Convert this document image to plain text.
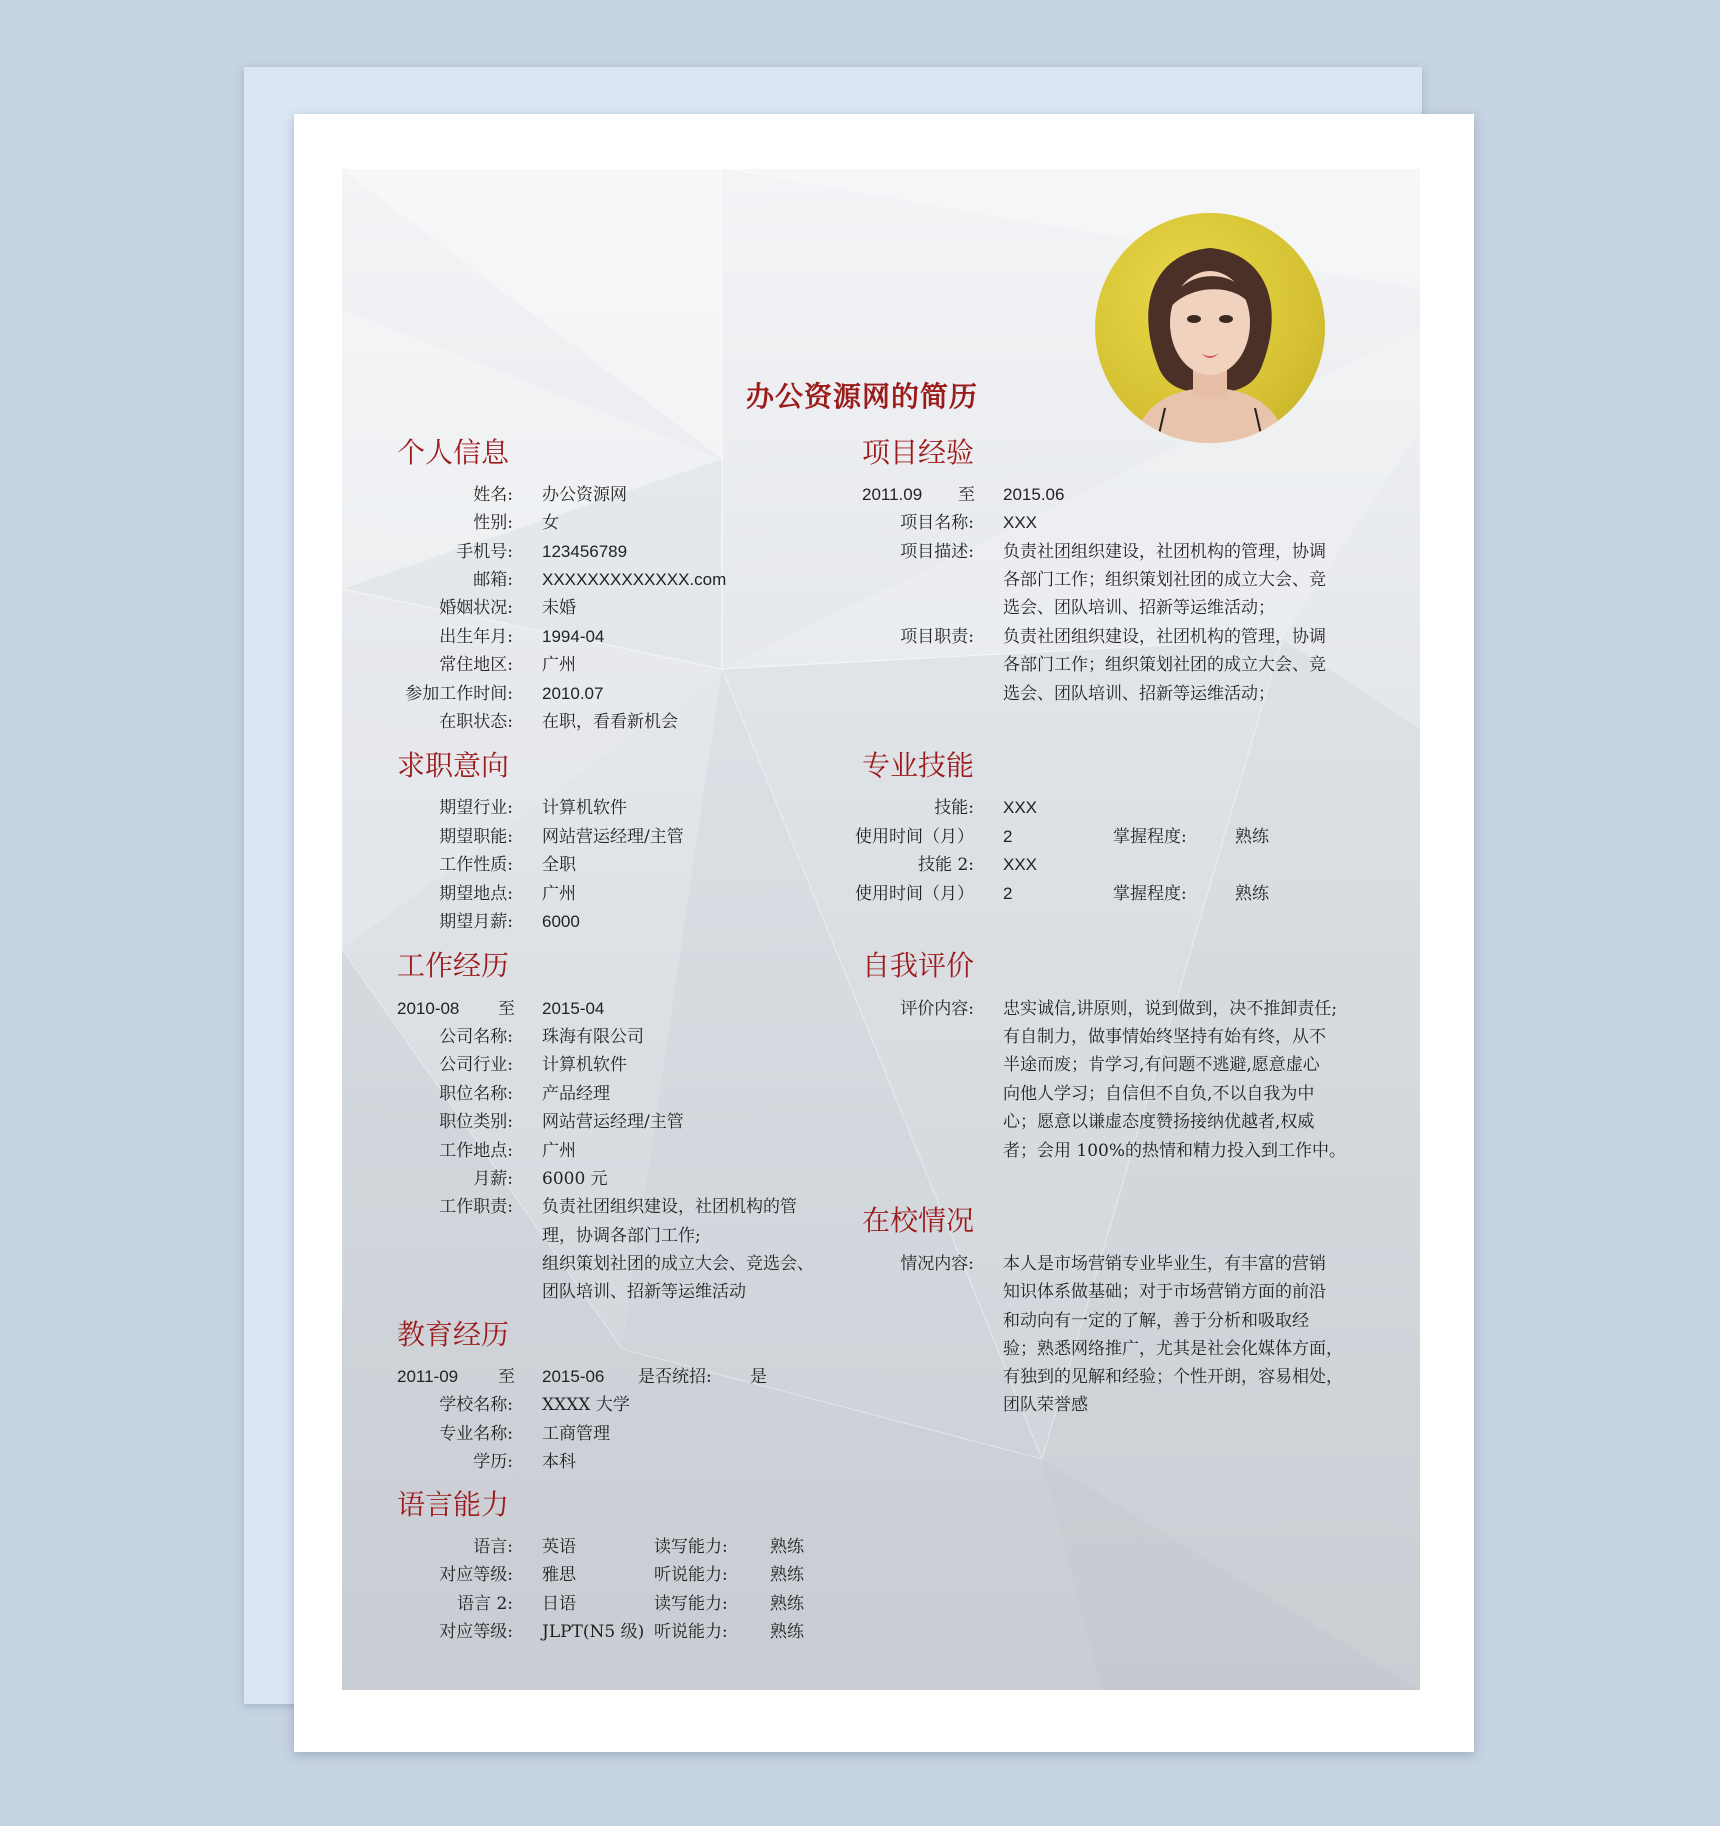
办公资源网的简历
个人信息
姓名: 办公资源网
性别: 女
手机号: 123456789
邮箱: XXXXXXXXXXXXX.com
婚姻状况: 未婚
出生年月: 1994-04
常住地区: 广州
参加工作时间: 2010.07
在职状态: 在职，看看新机会
求职意向
期望行业: 计算机软件
期望职能: 网站营运经理/主管
工作性质: 全职
期望地点: 广州
期望月薪: 6000
工作经历
2010-08 至 2015-04
公司名称: 珠海有限公司
公司行业: 计算机软件
职位名称: 产品经理
职位类别: 网站营运经理/主管
工作地点: 广州
月薪: 6000 元
工作职责: 负责社团组织建设，社团机构的管
理，协调各部门工作;
组织策划社团的成立大会、竞选会、
团队培训、招新等运维活动
教育经历
2011-09 至 2015-06 是否统招: 是
学校名称: XXXX 大学
专业名称: 工商管理
学历: 本科
语言能力
语言: 英语	读写能力: 熟练
对应等级: 雅思	听说能力: 熟练
语言 2: 日语	读写能力: 熟练
对应等级: JLPT(N5 级) 听说能力: 熟练
项目经验
2011.09 至 2015.06
项目名称: XXX
项目描述: 负责社团组织建设，社团机构的管理，协调
各部门工作；组织策划社团的成立大会、竞
选会、团队培训、招新等运维活动；
项目职责: 负责社团组织建设，社团机构的管理，协调
各部门工作；组织策划社团的成立大会、竞
选会、团队培训、招新等运维活动；
专业技能
技能: XXX
使用时间（月） 2	掌握程度:	熟练
技能 2: XXX
使用时间（月） 2	掌握程度:	熟练
自我评价
评价内容: 忠实诚信,讲原则，说到做到，决不推卸责任;
有自制力，做事情始终坚持有始有终，从不
半途而废；肯学习,有问题不逃避,愿意虚心
向他人学习；自信但不自负,不以自我为中
心；愿意以谦虚态度赞扬接纳优越者,权威
者；会用 100%的热情和精力投入到工作中。
在校情况
情况内容: 本人是市场营销专业毕业生，有丰富的营销
知识体系做基础；对于市场营销方面的前沿
和动向有一定的了解，善于分析和吸取经
验；熟悉网络推广，尤其是社会化媒体方面，
有独到的见解和经验；个性开朗，容易相处，
团队荣誉感
